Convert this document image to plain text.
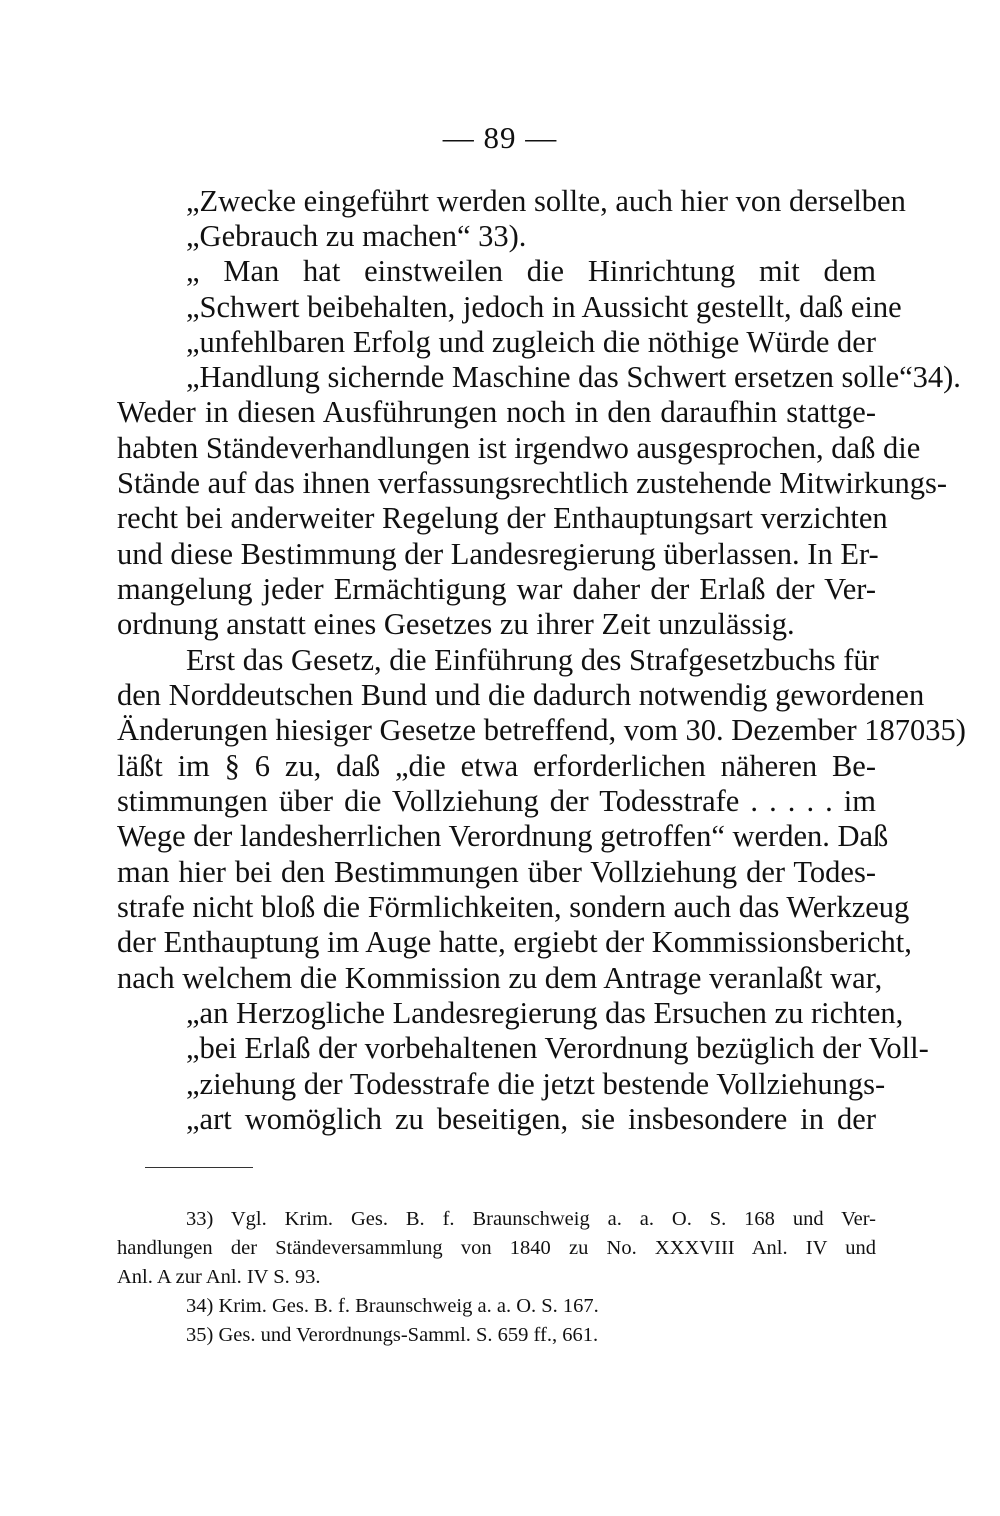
— 89 —
„Zwecke eingeführt werden sollte, auch hier von derselben
„Gebrauch zu machen“ 33).
„ Man hat einstweilen die Hinrichtung mit dem
„Schwert beibehalten, jedoch in Aussicht gestellt, daß eine
„unfehlbaren Erfolg und zugleich die nöthige Würde der
„Handlung sichernde Maschine das Schwert ersetzen solle“34).
Weder in diesen Ausführungen noch in den daraufhin stattge-
habten Ständeverhandlungen ist irgendwo ausgesprochen, daß die
Stände auf das ihnen verfassungsrechtlich zustehende Mitwirkungs-
recht bei anderweiter Regelung der Enthauptungsart verzichten
und diese Bestimmung der Landesregierung überlassen. In Er-
mangelung jeder Ermächtigung war daher der Erlaß der Ver-
ordnung anstatt eines Gesetzes zu ihrer Zeit unzulässig.
Erst das Gesetz, die Einführung des Strafgesetzbuchs für
den Norddeutschen Bund und die dadurch notwendig gewordenen
Änderungen hiesiger Gesetze betreffend, vom 30. Dezember 187035)
läßt im § 6 zu, daß „die etwa erforderlichen näheren Be-
stimmungen über die Vollziehung der Todesstrafe . . . . . im
Wege der landesherrlichen Verordnung getroffen“ werden. Daß
man hier bei den Bestimmungen über Vollziehung der Todes-
strafe nicht bloß die Förmlichkeiten, sondern auch das Werkzeug
der Enthauptung im Auge hatte, ergiebt der Kommissionsbericht,
nach welchem die Kommission zu dem Antrage veranlaßt war,
„an Herzogliche Landesregierung das Ersuchen zu richten,
„bei Erlaß der vorbehaltenen Verordnung bezüglich der Voll-
„ziehung der Todesstrafe die jetzt bestende Vollziehungs-
„art womöglich zu beseitigen, sie insbesondere in der
33) Vgl. Krim. Ges. B. f. Braunschweig a. a. O. S. 168 und Ver-
handlungen der Ständeversammlung von 1840 zu No. XXXVIII Anl. IV und
Anl. A zur Anl. IV S. 93.
34) Krim. Ges. B. f. Braunschweig a. a. O. S. 167.
35) Ges. und Verordnungs-Samml. S. 659 ff., 661.
